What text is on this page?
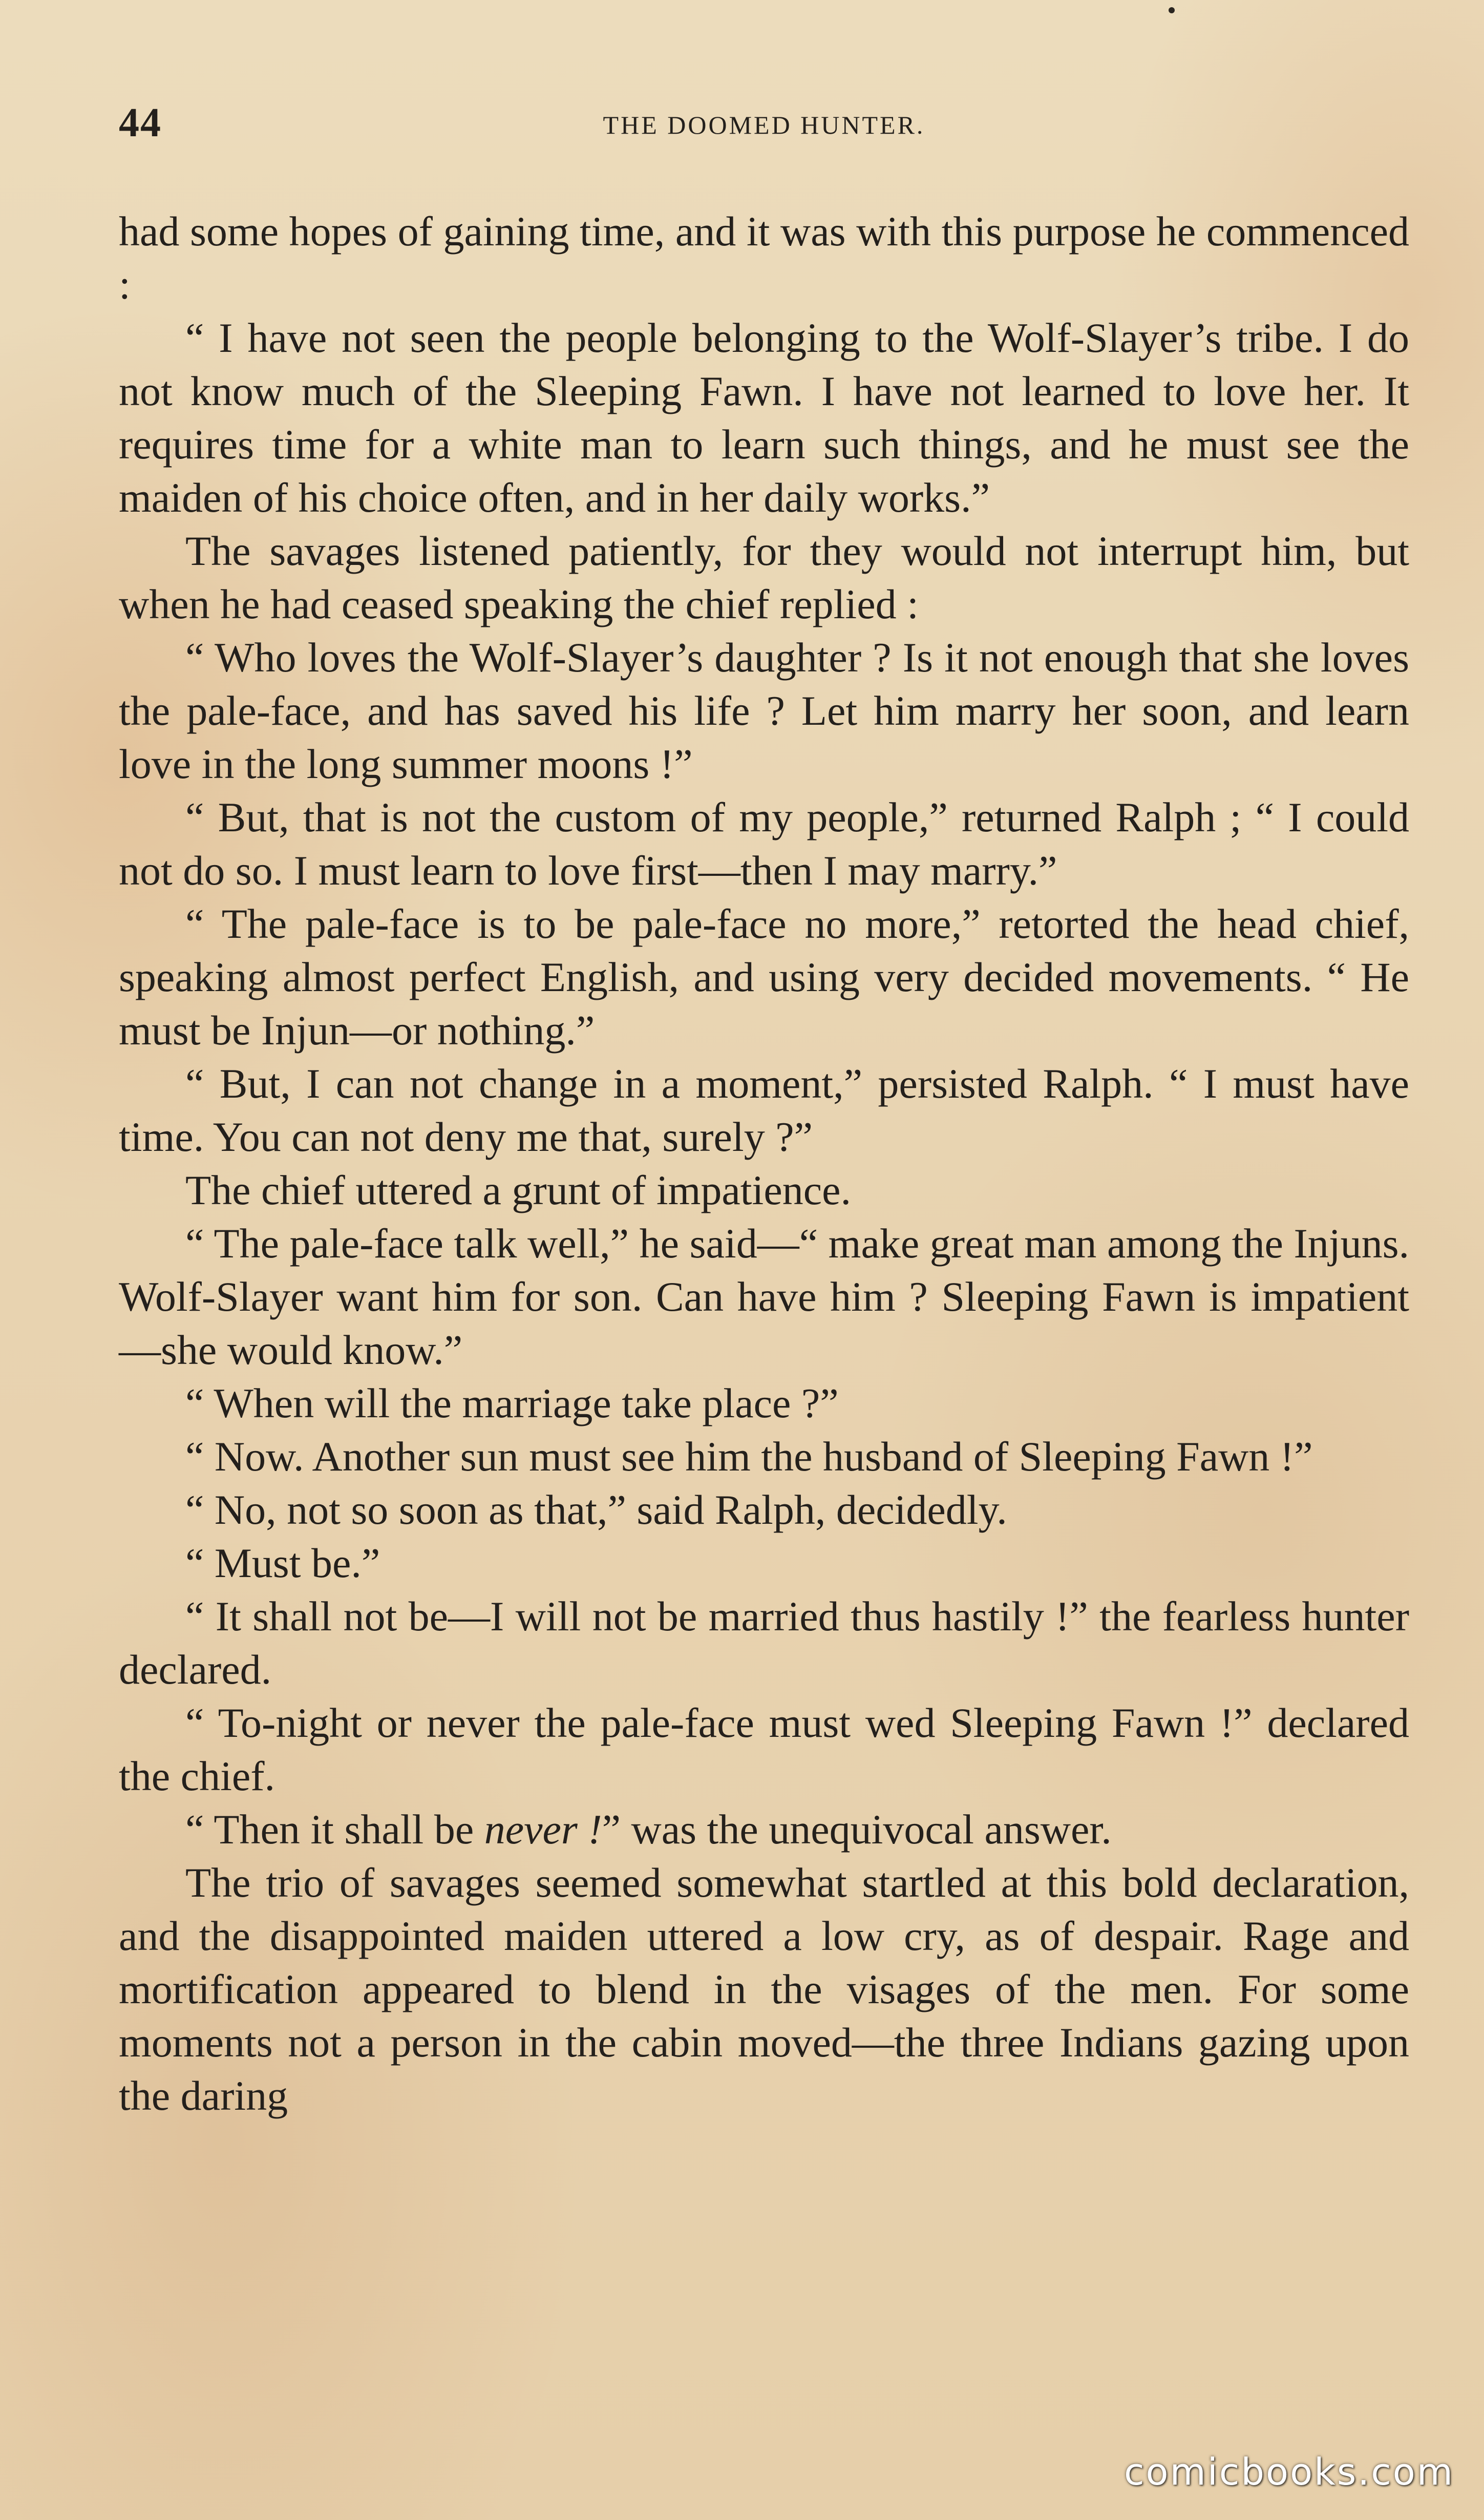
44	THE DOOMED HUNTER.

had some hopes of gaining time, and it was with this purpose he commenced :

“ I have not seen the people belonging to the Wolf-Slayer’s tribe. I do not know much of the Sleeping Fawn. I have not learned to love her. It requires time for a white man to learn such things, and he must see the maiden of his choice often, and in her daily works.”

The savages listened patiently, for they would not interrupt him, but when he had ceased speaking the chief replied :

“ Who loves the Wolf-Slayer’s daughter ? Is it not enough that she loves the pale-face, and has saved his life ? Let him marry her soon, and learn love in the long summer moons !”

“ But, that is not the custom of my people,” returned Ralph ; “ I could not do so. I must learn to love first—then I may marry.”

“ The pale-face is to be pale-face no more,” retorted the head chief, speaking almost perfect English, and using very decided movements. “ He must be Injun—or nothing.”

“ But, I can not change in a moment,” persisted Ralph. “ I must have time. You can not deny me that, surely ?”

The chief uttered a grunt of impatience.

“ The pale-face talk well,” he said—“ make great man among the Injuns. Wolf-Slayer want him for son. Can have him ? Sleeping Fawn is impatient—she would know.”

“ When will the marriage take place ?”

“ Now. Another sun must see him the husband of Sleeping Fawn !”

“ No, not so soon as that,” said Ralph, decidedly.

“ Must be.”

“ It shall not be—I will not be married thus hastily !” the fearless hunter declared.

“ To-night or never the pale-face must wed Sleeping Fawn !” declared the chief.

“ Then it shall be never !” was the unequivocal answer.

The trio of savages seemed somewhat startled at this bold declaration, and the disappointed maiden uttered a low cry, as of despair. Rage and mortification appeared to blend in the visages of the men. For some moments not a person in the cabin moved—the three Indians gazing upon the daring

comicbooks.com
